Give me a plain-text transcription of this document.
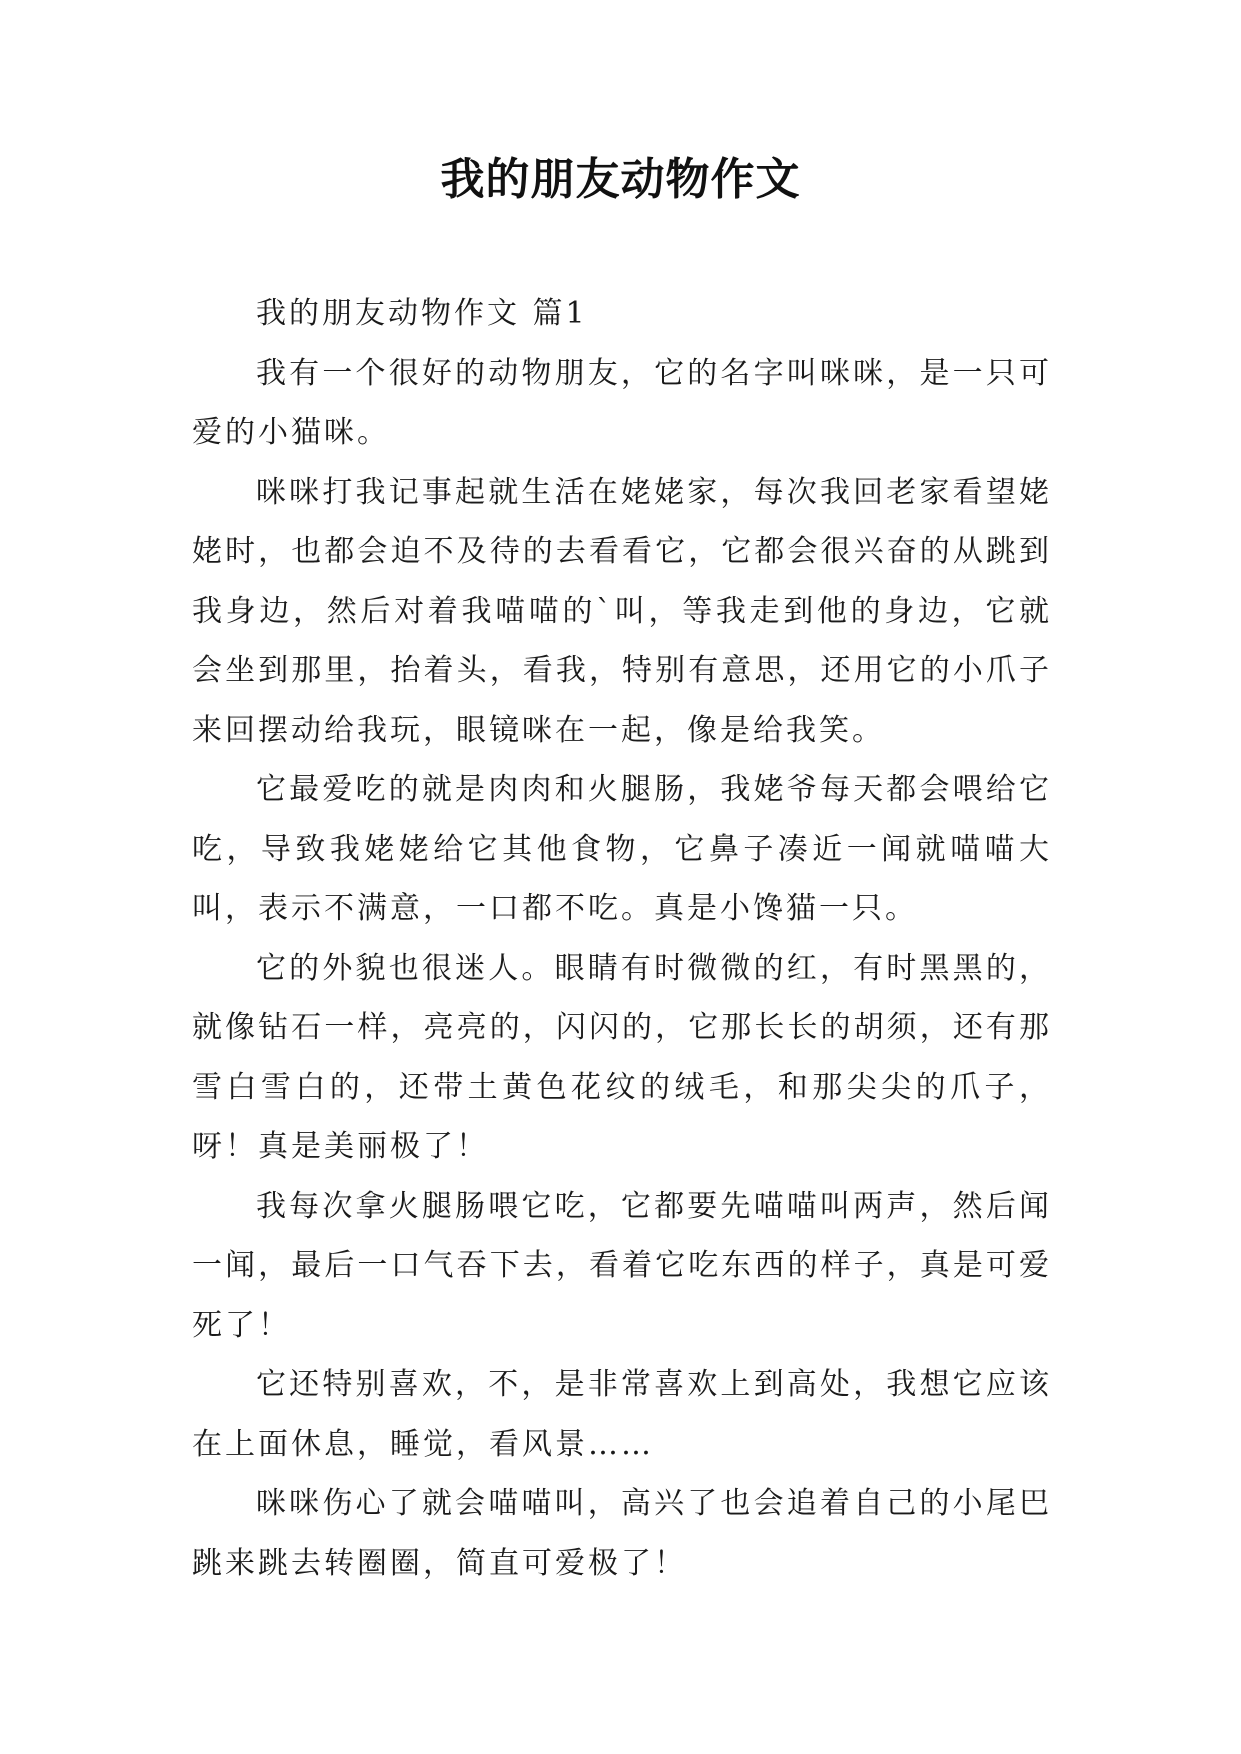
我的朋友动物作文

我的朋友动物作文 篇1

我有一个很好的动物朋友，它的名字叫咪咪，是一只可爱的小猫咪。

咪咪打我记事起就生活在姥姥家，每次我回老家看望姥姥时，也都会迫不及待的去看看它，它都会很兴奋的从跳到我身边，然后对着我喵喵的`叫，等我走到他的身边，它就会坐到那里，抬着头，看我，特别有意思，还用它的小爪子来回摆动给我玩，眼镜咪在一起，像是给我笑。

它最爱吃的就是肉肉和火腿肠，我姥爷每天都会喂给它吃，导致我姥姥给它其他食物，它鼻子凑近一闻就喵喵大叫，表示不满意，一口都不吃。真是小馋猫一只。

它的外貌也很迷人。眼睛有时微微的红，有时黑黑的，就像钻石一样，亮亮的，闪闪的，它那长长的胡须，还有那雪白雪白的，还带土黄色花纹的绒毛，和那尖尖的爪子，呀！真是美丽极了！

我每次拿火腿肠喂它吃，它都要先喵喵叫两声，然后闻一闻，最后一口气吞下去，看着它吃东西的样子，真是可爱死了！

它还特别喜欢，不，是非常喜欢上到高处，我想它应该在上面休息，睡觉，看风景……

咪咪伤心了就会喵喵叫，高兴了也会追着自己的小尾巴跳来跳去转圈圈，简直可爱极了！
